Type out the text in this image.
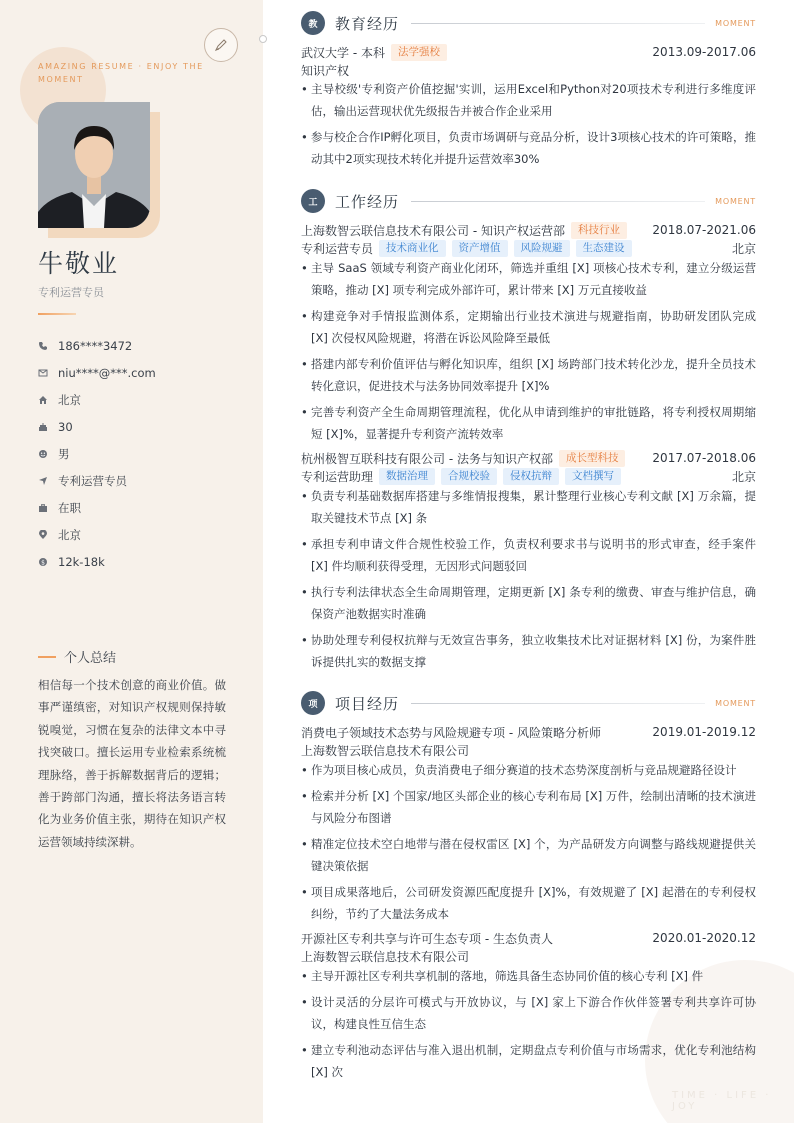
AMAZING RESUME · ENJOY THE MOMENT
牛敬业
专利运营专员
186****3472
niu****@***.com
北京
30
男
专利运营专员
在职
北京
$ 12k-18k
个人总结
相信每一个技术创意的商业价值。做事严谨缜密，对知识产权规则保持敏锐嗅觉，习惯在复杂的法律文本中寻找突破口。擅长运用专业检索系统梳理脉络，善于拆解数据背后的逻辑；善于跨部门沟通，擅长将法务语言转化为业务价值主张，期待在知识产权运营领域持续深耕。
TIME · LIFE · JOY
教	教育经历	MOMENT
武汉大学 - 本科	法学强校	2013.09-2017.06
知识产权
• 主导校级'专利资产价值挖掘'实训，运用Excel和Python对20项技术专利进行多维度评估，输出运营现状优先级报告并被合作企业采用
• 参与校企合作IP孵化项目，负责市场调研与竞品分析，设计3项核心技术的许可策略，推动其中2项实现技术转化并提升运营效率30%
工	工作经历	MOMENT
上海数智云联信息技术有限公司 - 知识产权运营部	科技行业	2018.07-2021.06
专利运营专员	技术商业化	资产增值	风险规避	生态建设	北京
• 主导 SaaS 领域专利资产商业化闭环，筛选并重组 [X] 项核心技术专利，建立分级运营策略，推动 [X] 项专利完成外部许可，累计带来 [X] 万元直接收益
• 构建竞争对手情报监测体系，定期输出行业技术演进与规避指南，协助研发团队完成 [X] 次侵权风险规避，将潜在诉讼风险降至最低
• 搭建内部专利价值评估与孵化知识库，组织 [X] 场跨部门技术转化沙龙，提升全员技术转化意识，促进技术与法务协同效率提升 [X]%
• 完善专利资产全生命周期管理流程，优化从申请到维护的审批链路，将专利授权周期缩短 [X]%，显著提升专利资产流转效率
杭州极智互联科技有限公司 - 法务与知识产权部	成长型科技	2017.07-2018.06
专利运营助理	数据治理	合规校验	侵权抗辩	文档撰写	北京
• 负责专利基础数据库搭建与多维情报搜集，累计整理行业核心专利文献 [X] 万余篇，提取关键技术节点 [X] 条
• 承担专利申请文件合规性校验工作，负责权利要求书与说明书的形式审查，经手案件 [X] 件均顺利获得受理，无因形式问题驳回
• 执行专利法律状态全生命周期管理，定期更新 [X] 条专利的缴费、审查与维护信息，确保资产池数据实时准确
• 协助处理专利侵权抗辩与无效宣告事务，独立收集技术比对证据材料 [X] 份，为案件胜诉提供扎实的数据支撑
项	项目经历	MOMENT
消费电子领域技术态势与风险规避专项 - 风险策略分析师	2019.01-2019.12
上海数智云联信息技术有限公司
• 作为项目核心成员，负责消费电子细分赛道的技术态势深度剖析与竞品规避路径设计
• 检索并分析 [X] 个国家/地区头部企业的核心专利布局 [X] 万件，绘制出清晰的技术演进与风险分布图谱
• 精准定位技术空白地带与潜在侵权雷区 [X] 个，为产品研发方向调整与路线规避提供关键决策依据
• 项目成果落地后，公司研发资源匹配度提升 [X]%，有效规避了 [X] 起潜在的专利侵权纠纷，节约了大量法务成本
开源社区专利共享与许可生态专项 - 生态负责人	2020.01-2020.12
上海数智云联信息技术有限公司
• 主导开源社区专利共享机制的落地，筛选具备生态协同价值的核心专利 [X] 件
• 设计灵活的分层许可模式与开放协议，与 [X] 家上下游合作伙伴签署专利共享许可协议，构建良性互信生态
• 建立专利池动态评估与准入退出机制，定期盘点专利价值与市场需求，优化专利池结构 [X] 次
